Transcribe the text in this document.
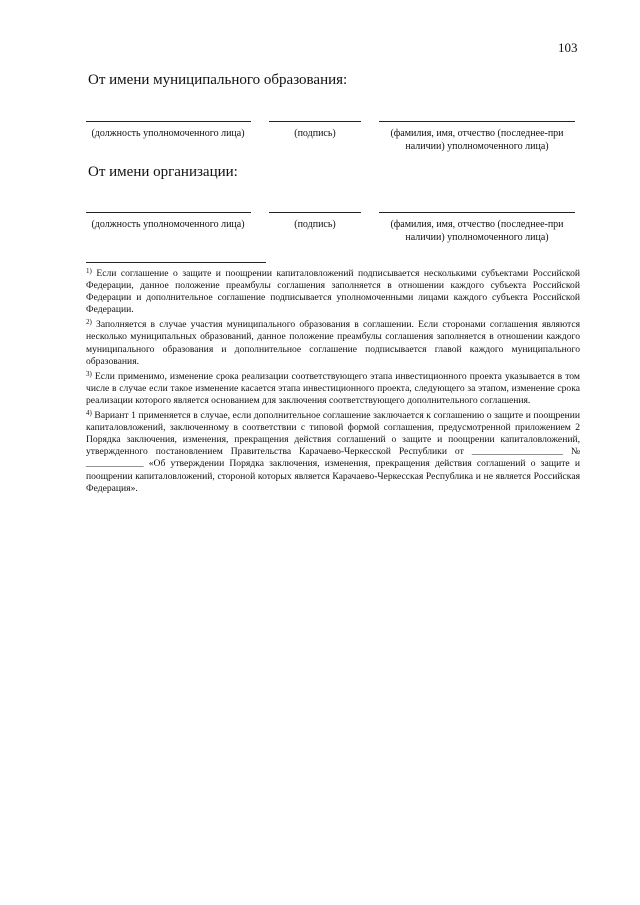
103
От имени муниципального образования:
(должность уполномоченного лица)	(подпись)	(фамилия, имя, отчество (последнее-при наличии) уполномоченного лица)
От имени организации:
(должность уполномоченного лица)	(подпись)	(фамилия, имя, отчество (последнее-при наличии) уполномоченного лица)

$^{1)}$ Если соглашение о защите и поощрении капиталовложений подписывается несколькими субъектами Российской Федерации, данное положение преамбулы соглашения заполняется в отношении каждого субъекта Российской Федерации и дополнительное соглашение подписывается уполномоченными лицами каждого субъекта Российской Федерации.

$^{2)}$ Заполняется в случае участия муниципального образования в соглашении. Если сторонами соглашения являются несколько муниципальных образований, данное положение преамбулы соглашения заполняется в отношении каждого муниципального образования и дополнительное соглашение подписывается главой каждого муниципального образования.

$^{3)}$ Если применимо, изменение срока реализации соответствующего этапа инвестиционного проекта указывается в том числе в случае если такое изменение касается этапа инвестиционного проекта, следующего за этапом, изменение срока реализации которого является основанием для заключения соответствующего дополнительного соглашения.

$^{4)}$ Вариант 1 применяется в случае, если дополнительное соглашение заключается к соглашению о защите и поощрении капиталовложений, заключенному в соответствии с типовой формой соглашения, предусмотренной приложением 2 Порядка заключения, изменения, прекращения действия соглашений о защите и поощрении капиталовложений, утвержденного постановлением Правительства Карачаево-Черкесской Республики от ___________________ № ____________ «Об утверждении Порядка заключения, изменения, прекращения действия соглашений о защите и поощрении капиталовложений, стороной которых является Карачаево-Черкесская Республика и не является Российская Федерация».
